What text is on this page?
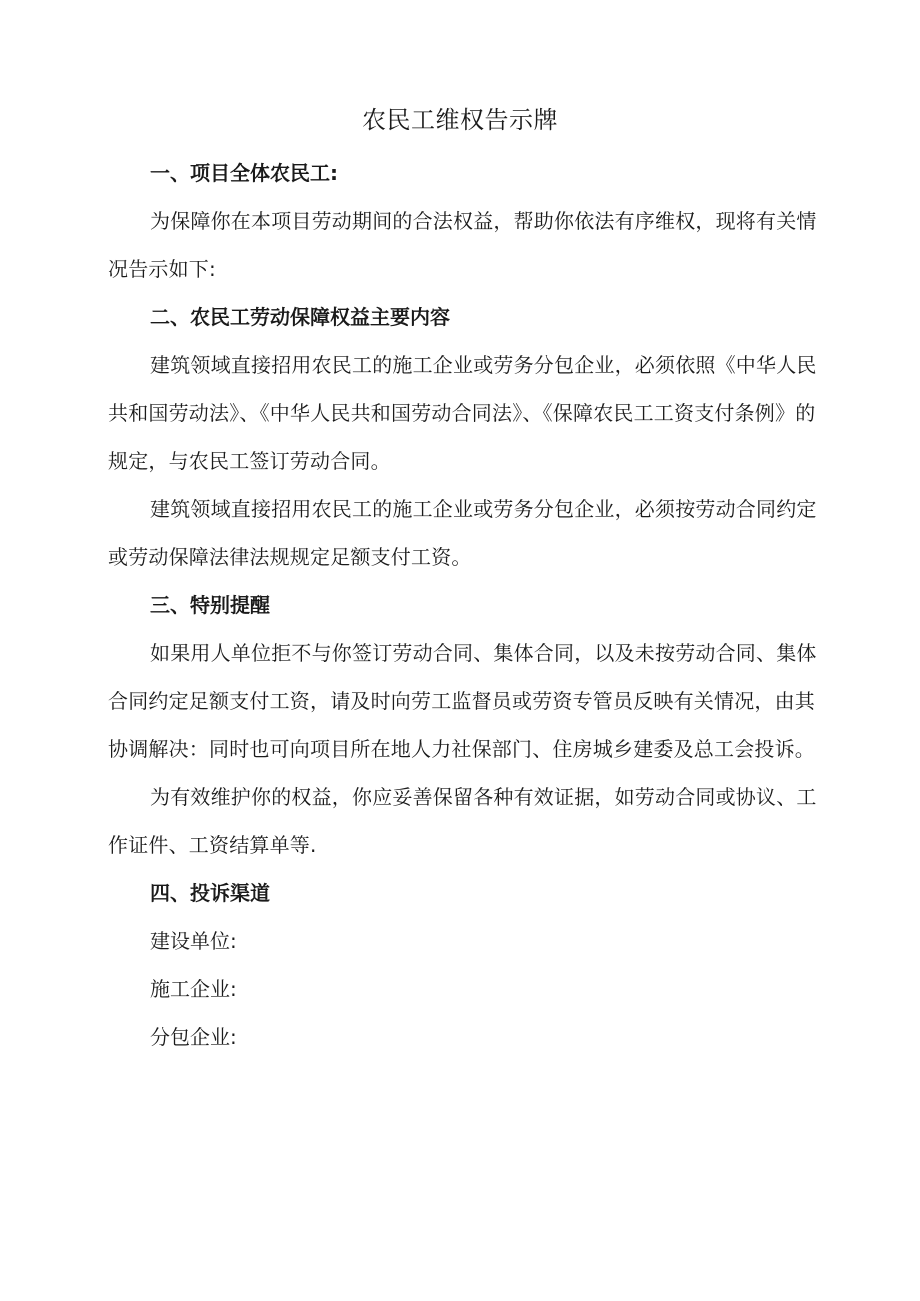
农民工维权告示牌

一、项目全体农民工:

为保障你在本项目劳动期间的合法权益，帮助你依法有序维权，现将有关情况告示如下:

二、农民工劳动保障权益主要内容

建筑领域直接招用农民工的施工企业或劳务分包企业，必须依照《中华人民共和国劳动法》、《中华人民共和国劳动合同法》、《保障农民工工资支付条例》的规定，与农民工签订劳动合同。

建筑领域直接招用农民工的施工企业或劳务分包企业，必须按劳动合同约定或劳动保障法律法规规定足额支付工资。

三、特别提醒

如果用人单位拒不与你签订劳动合同、集体合同，以及未按劳动合同、集体合同约定足额支付工资，请及时向劳工监督员或劳资专管员反映有关情况，由其协调解决：同时也可向项目所在地人力社保部门、住房城乡建委及总工会投诉。

为有效维护你的权益，你应妥善保留各种有效证据，如劳动合同或协议、工作证件、工资结算单等.

四、投诉渠道

建设单位:

施工企业:

分包企业:
